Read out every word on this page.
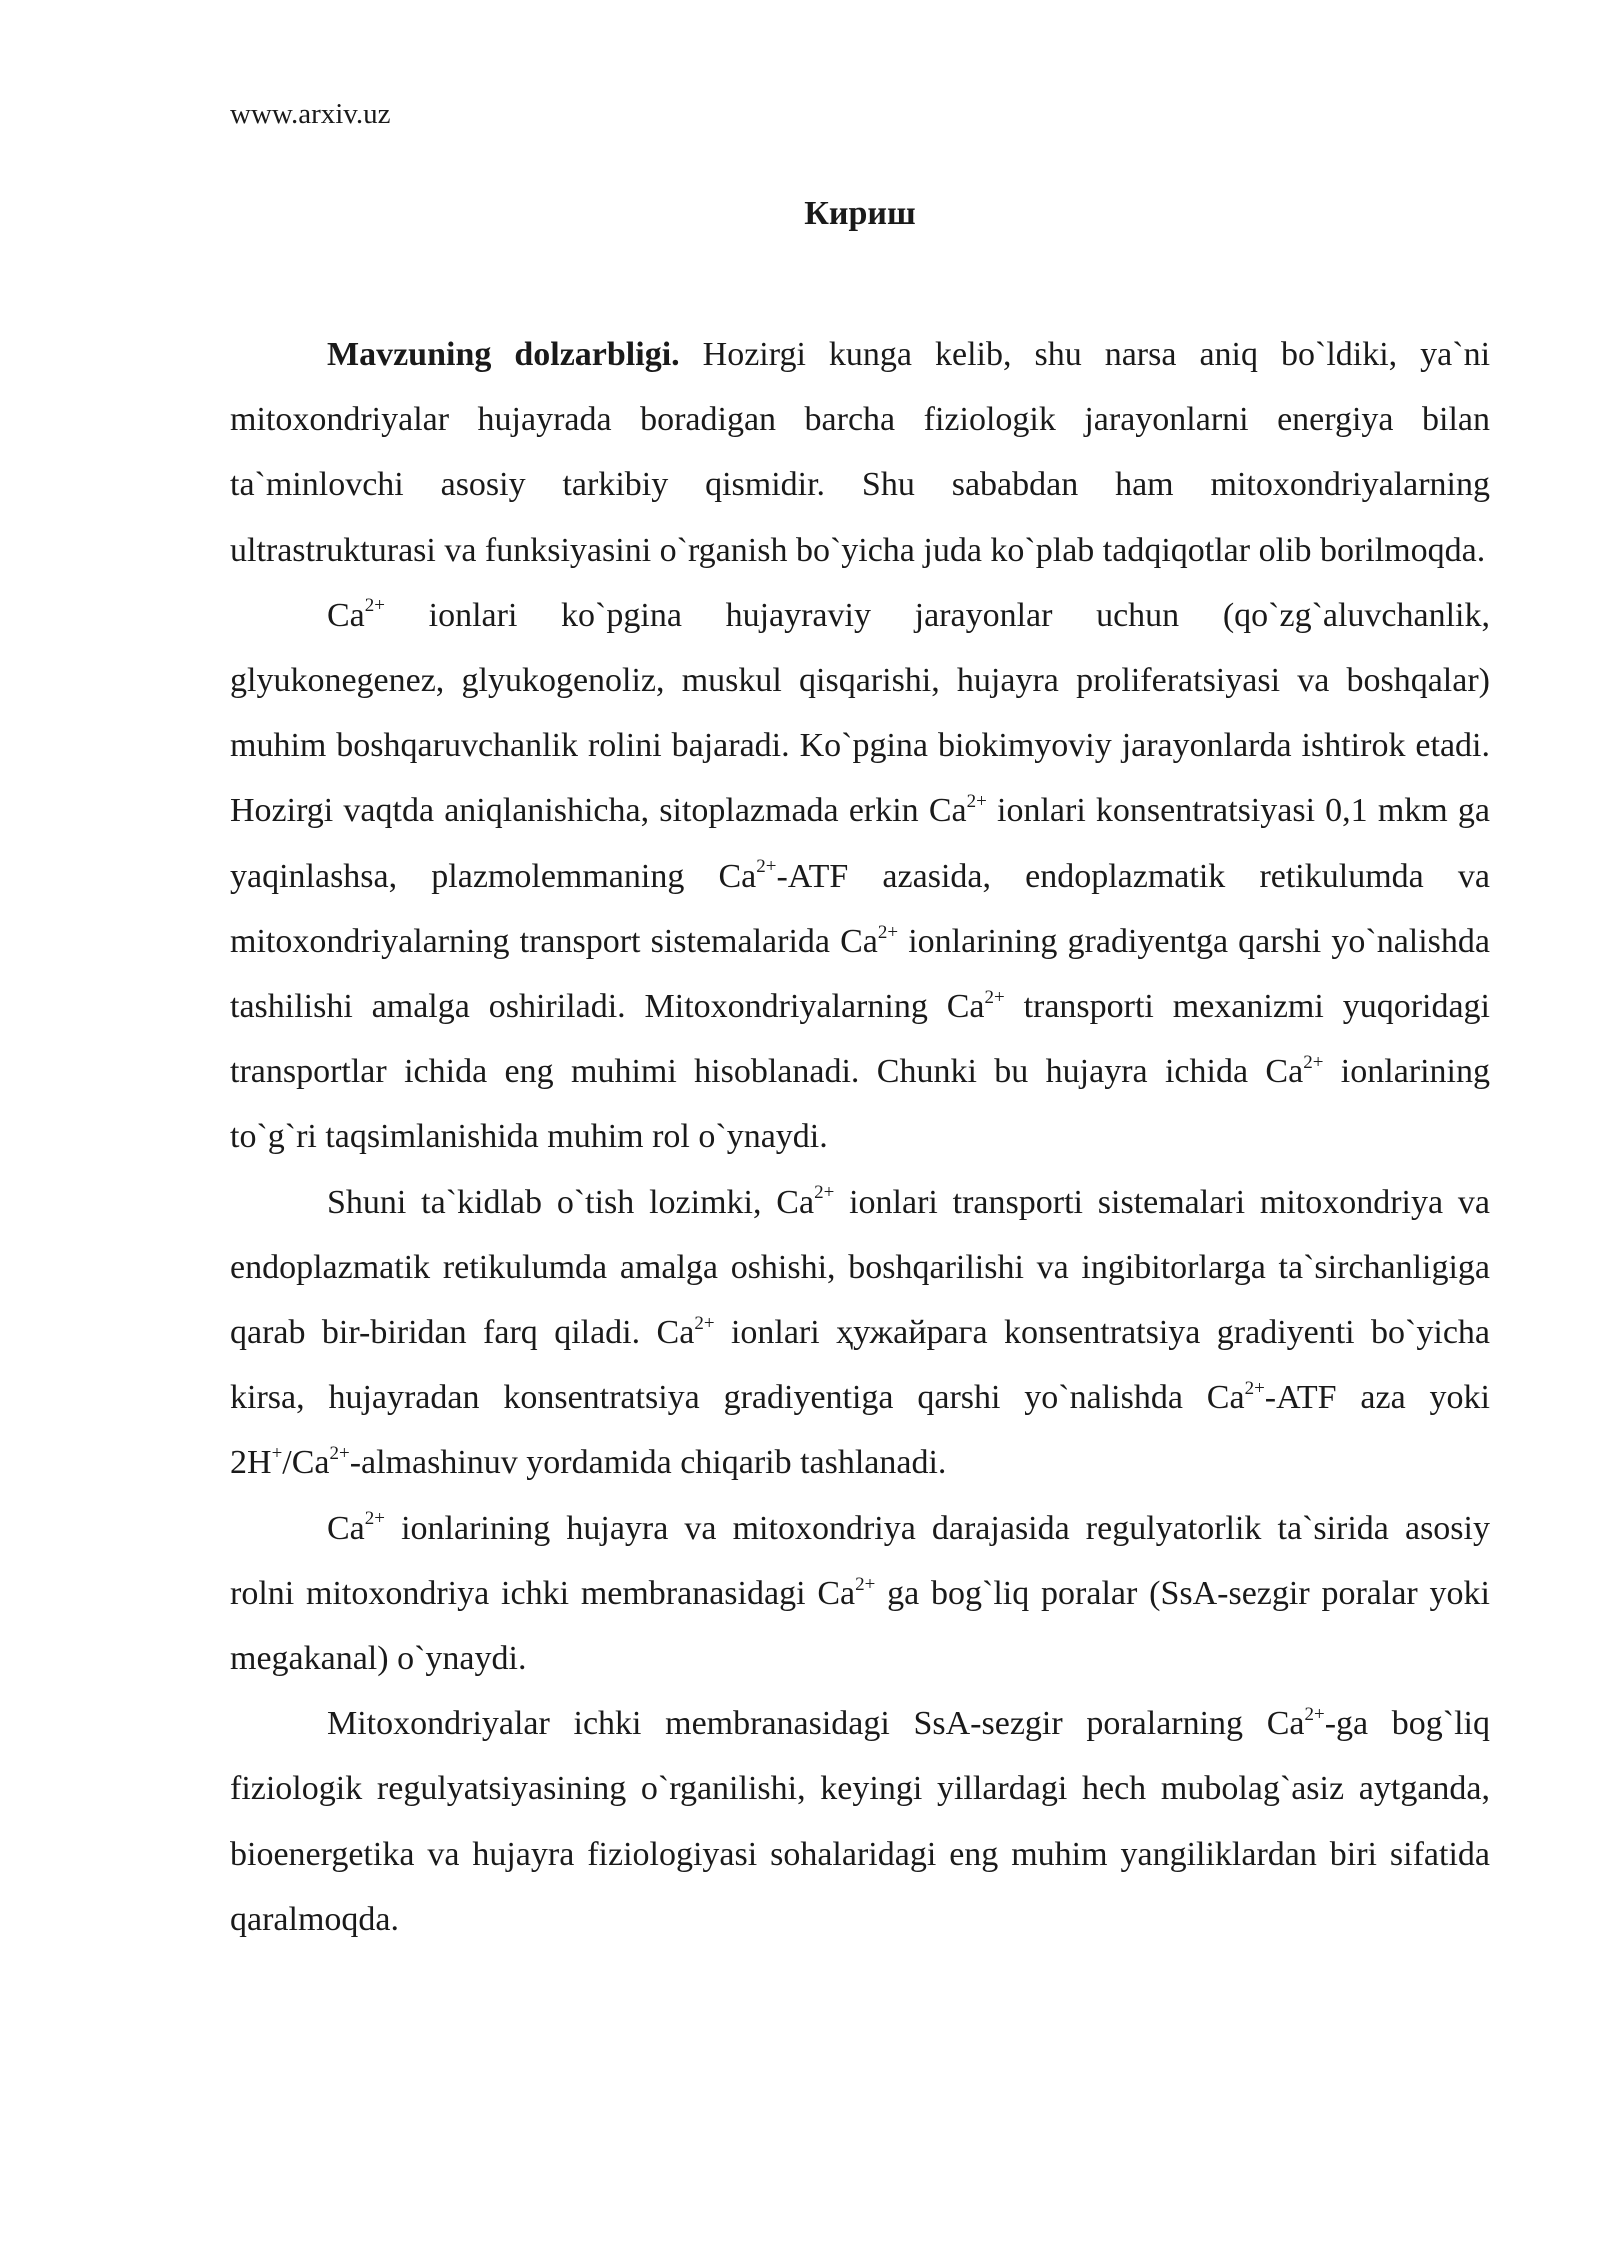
www.arxiv.uz
Кириш

Mavzuning dolzarbligi. Hozirgi kunga kelib, shu narsa aniq bo`ldiki, ya`ni mitoxondriyalar hujayrada boradigan barcha fiziologik jarayonlarni energiya bilan ta`minlovchi asosiy tarkibiy qismidir. Shu sababdan ham mitoxondriyalarning ultrastrukturasi va funksiyasini o`rganish bo`yicha juda ko`plab tadqiqotlar olib borilmoqda.

$Ca^{2+}$ ionlari ko`pgina hujayraviy jarayonlar uchun (qo`zg`aluvchanlik, glyukonegenez, glyukogenoliz, muskul qisqarishi, hujayra proliferatsiyasi va boshqalar) muhim boshqaruvchanlik rolini bajaradi. Ko`pgina biokimyoviy jarayonlarda ishtirok etadi. Hozirgi vaqtda aniqlanishicha, sitoplazmada erkin $Ca^{2+}$ ionlari konsentratsiyasi 0,1 mkm ga yaqinlashsa, plazmolemmaning $Ca^{2+}$-ATF azasida, endoplazmatik retikulumda va mitoxondriyalarning transport sistemalarida $Ca^{2+}$ ionlarining gradiyentga qarshi yo`nalishda tashilishi amalga oshiriladi. Mitoxondriyalarning $Ca^{2+}$ transporti mexanizmi yuqoridagi transportlar ichida eng muhimi hisoblanadi. Chunki bu hujayra ichida $Ca^{2+}$ ionlarining to`g`ri taqsimlanishida muhim rol o`ynaydi.

Shuni ta`kidlab o`tish lozimki, $Ca^{2+}$ ionlari transporti sistemalari mitoxondriya va endoplazmatik retikulumda amalga oshishi, boshqarilishi va ingibitorlarga ta`sirchanligiga qarab bir-biridan farq qiladi. $Ca^{2+}$ ionlari ҳужайрага konsentratsiya gradiyenti bo`yicha kirsa, hujayradan konsentratsiya gradiyentiga qarshi yo`nalishda $Ca^{2+}$-ATF aza yoki $2H^+/Ca^{2+}$-almashinuv yordamida chiqarib tashlanadi.

$Ca^{2+}$ ionlarining hujayra va mitoxondriya darajasida regulyatorlik ta`sirida asosiy rolni mitoxondriya ichki membranasidagi $Ca^{2+}$ ga bog`liq poralar (SsA-sezgir poralar yoki megakanal) o`ynaydi.

Mitoxondriyalar ichki membranasidagi SsA-sezgir poralarning $Ca^{2+}-ga$ bog`liq fiziologik regulyatsiyasining o`rganilishi, keyingi yillardagi hech mubolag`asiz aytganda, bioenergetika va hujayra fiziologiyasi sohalaridagi eng muhim yangiliklardan biri sifatida qaralmoqda.
